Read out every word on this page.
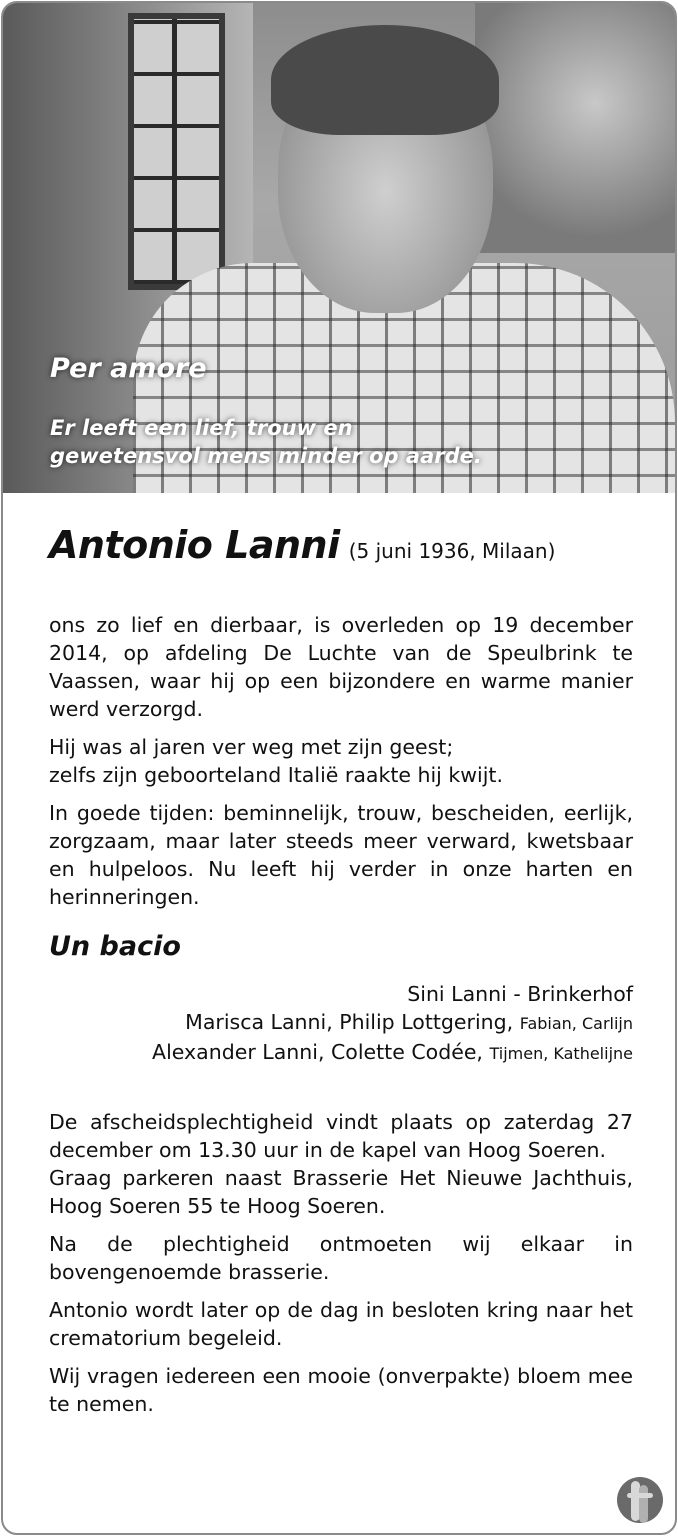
Per amore
Er leeft een lief, trouw en
gewetensvol mens minder op aarde.
Antonio Lanni (5 juni 1936, Milaan)

ons zo lief en dierbaar, is overleden op 19 december 2014, op afdeling De Luchte van de Speulbrink te Vaassen, waar hij op een bijzondere en warme manier werd verzorgd.

Hij was al jaren ver weg met zijn geest;

zelfs zijn geboorteland Italië raakte hij kwijt.

In goede tijden: beminnelijk, trouw, bescheiden, eerlijk, zorgzaam, maar later steeds meer verward, kwetsbaar en hulpeloos. Nu leeft hij verder in onze harten en herinneringen.

Un bacio
Sini Lanni - Brinkerhof
Marisca Lanni, Philip Lottgering, Fabian, Carlijn
Alexander Lanni, Colette Codée, Tijmen, Kathelijne

De afscheidsplechtigheid vindt plaats op zaterdag 27 december om 13.30 uur in de kapel van Hoog Soeren.

Graag parkeren naast Brasserie Het Nieuwe Jachthuis, Hoog Soeren 55 te Hoog Soeren.

Na de plechtigheid ontmoeten wij elkaar in bovengenoemde brasserie.

Antonio wordt later op de dag in besloten kring naar het crematorium begeleid.

Wij vragen iedereen een mooie (onverpakte) bloem mee te nemen.
